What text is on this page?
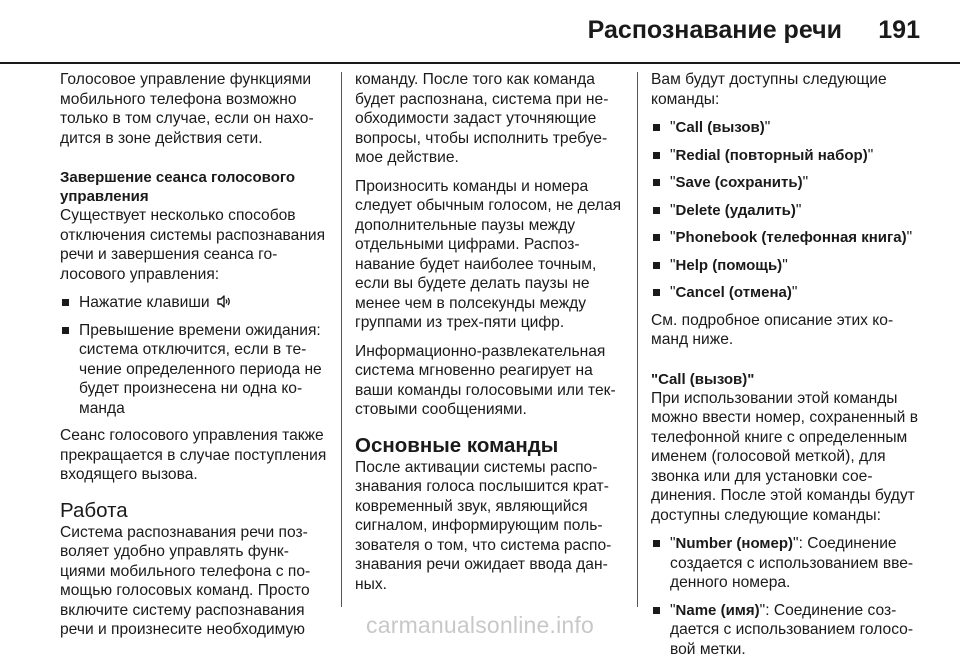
Распознавание речи 191

Голосовое управление функциями мобильного телефона возможно только в том случае, если он находится в зоне действия сети.

Завершение сеанса голосового управления

Существует несколько способов отключения системы распознавания речи и завершения сеанса голосового управления:

Нажатие клавиши
Превышение времени ожидания: система отключится, если в течение определенного периода не будет произнесена ни одна команда

Сеанс голосового управления также прекращается в случае поступления входящего вызова.

Работа

Система распознавания речи позволяет удобно управлять функциями мобильного телефона с помощью голосовых команд. Просто включите систему распознавания речи и произнесите необходимую

команду. После того как команда будет распознана, система при необходимости задаст уточняющие вопросы, чтобы исполнить требуемое действие.

Произносить команды и номера следует обычным голосом, не делая дополнительные паузы между отдельными цифрами. Распознавание будет наиболее точным, если вы будете делать паузы не менее чем в полсекунды между группами из трех-пяти цифр.

Информационно-развлекательная система мгновенно реагирует на ваши команды голосовыми или текстовыми сообщениями.

Основные команды

После активации системы распознавания голоса послышится кратковременный звук, являющийся сигналом, информирующим пользователя о том, что система распознавания речи ожидает ввода данных.

Вам будут доступны следующие команды:

"Call (вызов)"
"Redial (повторный набор)"
"Save (сохранить)"
"Delete (удалить)"
"Phonebook (телефонная книга)"
"Help (помощь)"
"Cancel (отмена)"

См. подробное описание этих команд ниже.

"Call (вызов)"

При использовании этой команды можно ввести номер, сохраненный в телефонной книге с определенным именем (голосовой меткой), для звонка или для установки соединения. После этой команды будут доступны следующие команды:

"Number (номер)": Соединение создается с использованием введенного номера.
"Name (имя)": Соединение создается с использованием голосовой метки.
carmanualsonline.info
